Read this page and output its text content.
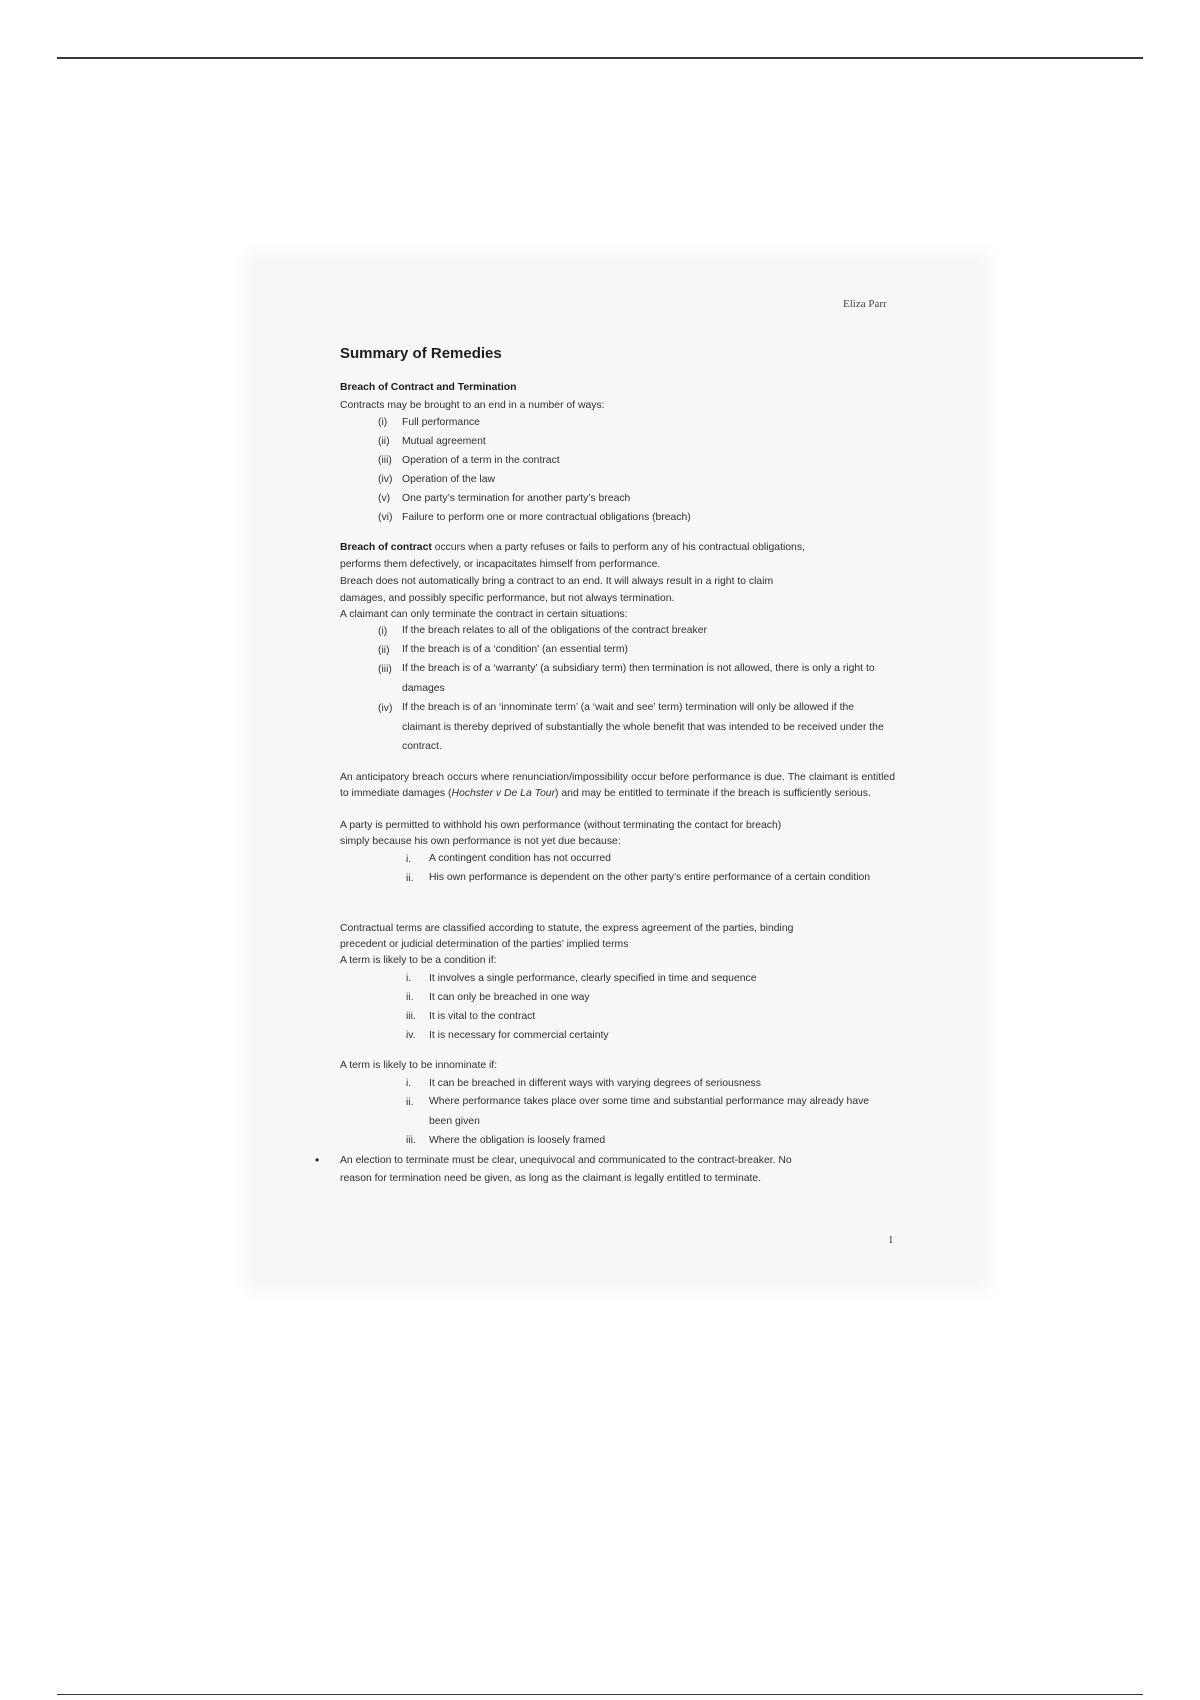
Eliza Parr
Summary of Remedies
Breach of Contract and Termination
Contracts may be brought to an end in a number of ways:
(i) Full performance
(ii) Mutual agreement
(iii) Operation of a term in the contract
(iv) Operation of the law
(v) One party’s termination for another party’s breach
(vi) Failure to perform one or more contractual obligations (breach)
Breach of contract occurs when a party refuses or fails to perform any of his contractual obligations,
performs them defectively, or incapacitates himself from performance.
Breach does not automatically bring a contract to an end. It will always result in a right to claim
damages, and possibly specific performance, but not always termination.
A claimant can only terminate the contract in certain situations:
(i) If the breach relates to all of the obligations of the contract breaker
(ii) If the breach is of a ‘condition’ (an essential term)
(iii) If the breach is of a ‘warranty’ (a subsidiary term) then termination is not allowed, there is only a right to damages
(iv) If the breach is of an ‘innominate term’ (a ‘wait and see’ term) termination will only be allowed if the claimant is thereby deprived of substantially the whole benefit that was intended to be received under the contract.
An anticipatory breach occurs where renunciation/impossibility occur before performance is due. The claimant is entitled to immediate damages (Hochster v De La Tour) and may be entitled to terminate if the breach is sufficiently serious.
A party is permitted to withhold his own performance (without terminating the contact for breach)
simply because his own performance is not yet due because:
i. A contingent condition has not occurred
ii. His own performance is dependent on the other party’s entire performance of a certain condition
Contractual terms are classified according to statute, the express agreement of the parties, binding
precedent or judicial determination of the parties’ implied terms
A term is likely to be a condition if:
i. It involves a single performance, clearly specified in time and sequence
ii. It can only be breached in one way
iii. It is vital to the contract
iv. It is necessary for commercial certainty
A term is likely to be innominate if:
i. It can be breached in different ways with varying degrees of seriousness
ii. Where performance takes place over some time and substantial performance may already have been given
iii. Where the obligation is loosely framed
• An election to terminate must be clear, unequivocal and communicated to the contract-breaker. No
reason for termination need be given, as long as the claimant is legally entitled to terminate.
1
